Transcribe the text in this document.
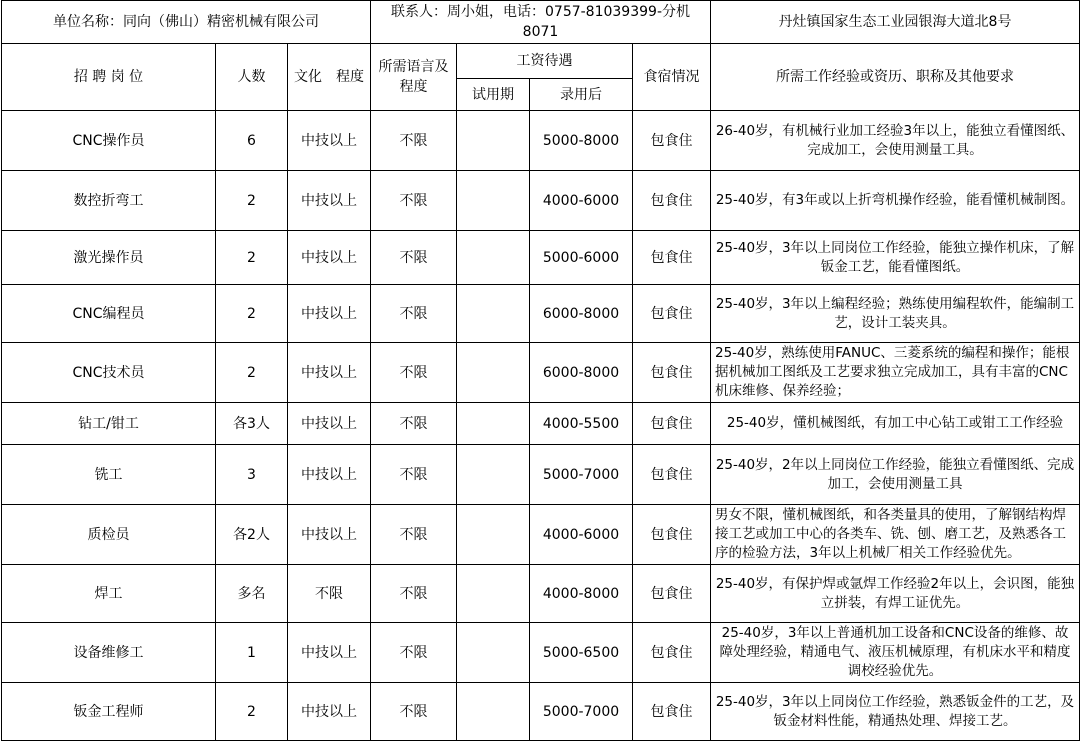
单位名称：同向（佛山）精密机械有限公司			联系人：周小姐，电话：0757-81039399-分机8071				丹灶镇国家生态工业园银海大道北8号
招 聘 岗 位	人数	文化　程度	所需语言及程度	工资待遇		食宿情况	所需工作经验或资历、职称及其他要求
				试用期	录用后		
CNC操作员	6	中技以上	不限		5000-8000	包食住	26-40岁，有机械行业加工经验3年以上，能独立看懂图纸、完成加工，会使用测量工具。
数控折弯工	2	中技以上	不限		4000-6000	包食住	25-40岁，有3年或以上折弯机操作经验，能看懂机械制图。
激光操作员	2	中技以上	不限		5000-6000	包食住	25-40岁，3年以上同岗位工作经验，能独立操作机床，了解钣金工艺，能看懂图纸。
CNC编程员	2	中技以上	不限		6000-8000	包食住	25-40岁，3年以上编程经验；熟练使用编程软件，能编制工艺，设计工装夹具。
CNC技术员	2	中技以上	不限		6000-8000	包食住	25-40岁，熟练使用FANUC、三菱系统的编程和操作；能根据机械加工图纸及工艺要求独立完成加工，具有丰富的CNC机床维修、保养经验；
钻工/钳工	各3人	中技以上	不限		4000-5500	包食住	25-40岁，懂机械图纸，有加工中心钻工或钳工工作经验
铣工	3	中技以上	不限		5000-7000	包食住	25-40岁，2年以上同岗位工作经验，能独立看懂图纸、完成加工，会使用测量工具
质检员	各2人	中技以上	不限		4000-6000	包食住	男女不限，懂机械图纸，和各类量具的使用，了解钢结构焊接工艺或加工中心的各类车、铣、刨、磨工艺，及熟悉各工序的检验方法，3年以上机械厂相关工作经验优先。
焊工	多名	不限	不限		4000-8000	包食住	25-40岁，有保护焊或氩焊工作经验2年以上，会识图，能独立拼装，有焊工证优先。
设备维修工	1	中技以上	不限		5000-6500	包食住	25-40岁，3年以上普通机加工设备和CNC设备的维修、故障处理经验，精通电气、液压机械原理，有机床水平和精度调校经验优先。
钣金工程师	2	中技以上	不限		5000-7000	包食住	25-40岁，3年以上同岗位工作经验，熟悉钣金件的工艺，及钣金材料性能，精通热处理、焊接工艺。
